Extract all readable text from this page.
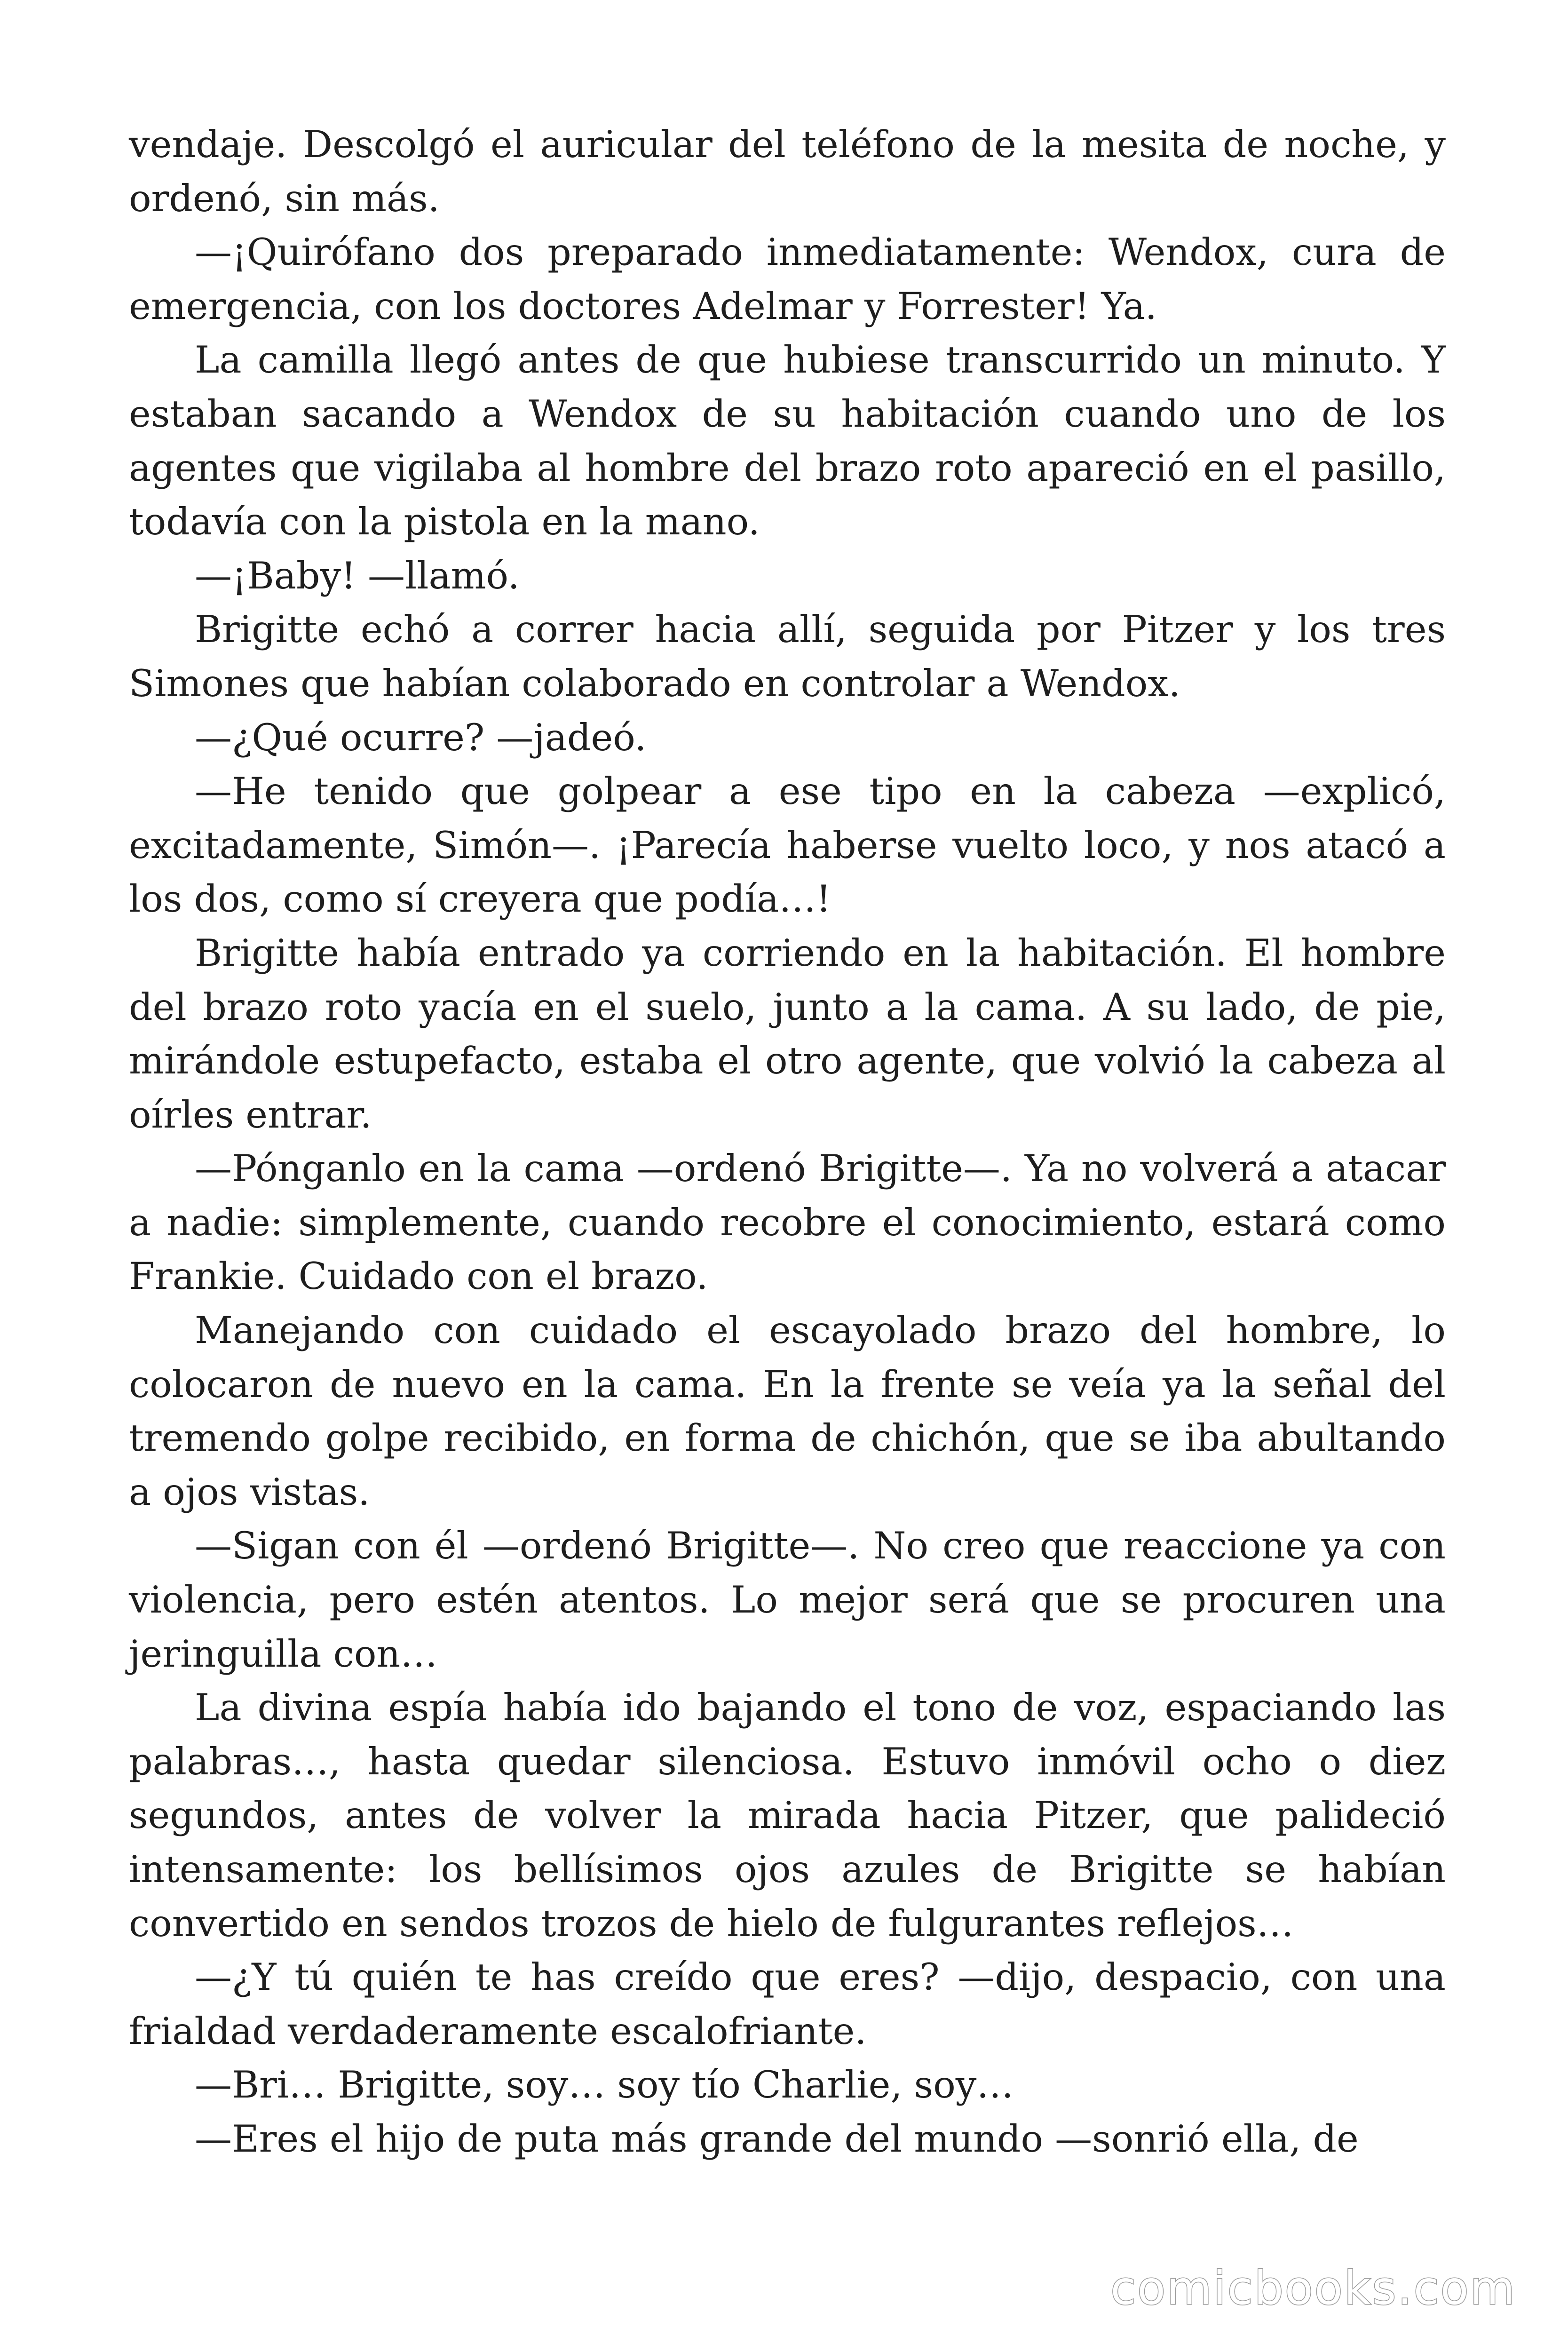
vendaje. Descolgó el auricular del teléfono de la mesita de noche, y ordenó, sin más.

—¡Quirófano dos preparado inmediatamente: Wendox, cura de emergencia, con los doctores Adelmar y Forrester! Ya.

La camilla llegó antes de que hubiese transcurrido un minuto. Y estaban sacando a Wendox de su habitación cuando uno de los agentes que vigilaba al hombre del brazo roto apareció en el pasillo, todavía con la pistola en la mano.

—¡Baby! —llamó.

Brigitte echó a correr hacia allí, seguida por Pitzer y los tres Simones que habían colaborado en controlar a Wendox.

—¿Qué ocurre? —jadeó.

—He tenido que golpear a ese tipo en la cabeza —explicó, excitadamente, Simón—. ¡Parecía haberse vuelto loco, y nos atacó a los dos, como sí creyera que podía…!

Brigitte había entrado ya corriendo en la habitación. El hombre del brazo roto yacía en el suelo, junto a la cama. A su lado, de pie, mirándole estupefacto, estaba el otro agente, que volvió la cabeza al oírles entrar.

—Pónganlo en la cama —ordenó Brigitte—. Ya no volverá a atacar a nadie: simplemente, cuando recobre el conocimiento, estará como Frankie. Cuidado con el brazo.

Manejando con cuidado el escayolado brazo del hombre, lo colocaron de nuevo en la cama. En la frente se veía ya la señal del tremendo golpe recibido, en forma de chichón, que se iba abultando a ojos vistas.

—Sigan con él —ordenó Brigitte—. No creo que reaccione ya con violencia, pero estén atentos. Lo mejor será que se procuren una jeringuilla con…

La divina espía había ido bajando el tono de voz, espaciando las palabras…, hasta quedar silenciosa. Estuvo inmóvil ocho o diez segundos, antes de volver la mirada hacia Pitzer, que palideció intensamente: los bellísimos ojos azules de Brigitte se habían convertido en sendos trozos de hielo de fulgurantes reflejos…

—¿Y tú quién te has creído que eres? —dijo, despacio, con una frialdad verdaderamente escalofriante.

—Bri… Brigitte, soy… soy tío Charlie, soy…

—Eres el hijo de puta más grande del mundo —sonrió ella, de

comicbooks.com
